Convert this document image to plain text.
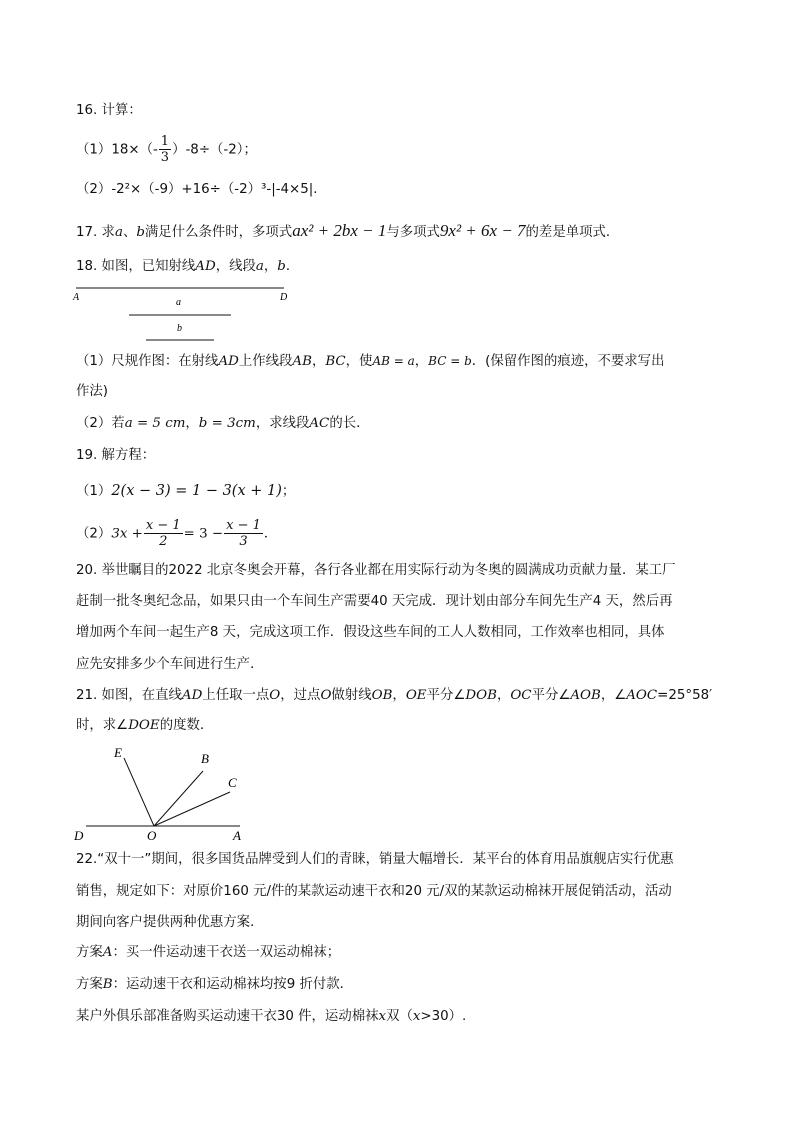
16. 计算：
$(1)18\times(- \frac{1}{3} )-8\div(-2)$；
（2）-2²×（-9）+16÷（-2）³-|-4×5|．
17. 求a、b满足什么条件时，多项式ax² + 2bx − 1与多项式9x² + 6x − 7的差是单项式．
18. 如图，已知射线AD，线段a，b．
A	D
a
b
（1）尺规作图：在射线AD上作线段AB，BC，使AB = a，BC = b．(保留作图的痕迹，不要求写出
作法)
（2）若a = 5 cm，b = 3cm，求线段AC的长．
19. 解方程：
（1）2(x − 3) = 1 − 3(x + 1)；
$(2)3x + \frac{x - 1}{2} = 3 - \frac{x - 1}{3}$ ．
20. 举世瞩目的2022 北京冬奥会开幕，各行各业都在用实际行动为冬奥的圆满成功贡献力量．某工厂
赶制一批冬奥纪念品，如果只由一个车间生产需要40 天完成．现计划由部分车间先生产4 天，然后再
增加两个车间一起生产8 天，完成这项工作．假设这些车间的工人人数相同，工作效率也相同，具体
应先安排多少个车间进行生产．
21. 如图，在直线AD上任取一点O，过点O做射线OB，OE平分∠DOB，OC平分∠AOB，∠AOC=25°58′
时，求∠DOE的度数．
E	B
C
D	O	A
22.“双十一”期间，很多国货品牌受到人们的青睐，销量大幅增长．某平台的体育用品旗舰店实行优惠
销售，规定如下：对原价160 元/件的某款运动速干衣和20 元/双的某款运动棉袜开展促销活动，活动
期间向客户提供两种优惠方案．
方案A：买一件运动速干衣送一双运动棉袜；
方案B：运动速干衣和运动棉袜均按9 折付款．
某户外俱乐部准备购买运动速干衣30 件，运动棉袜x双（x>30）.
